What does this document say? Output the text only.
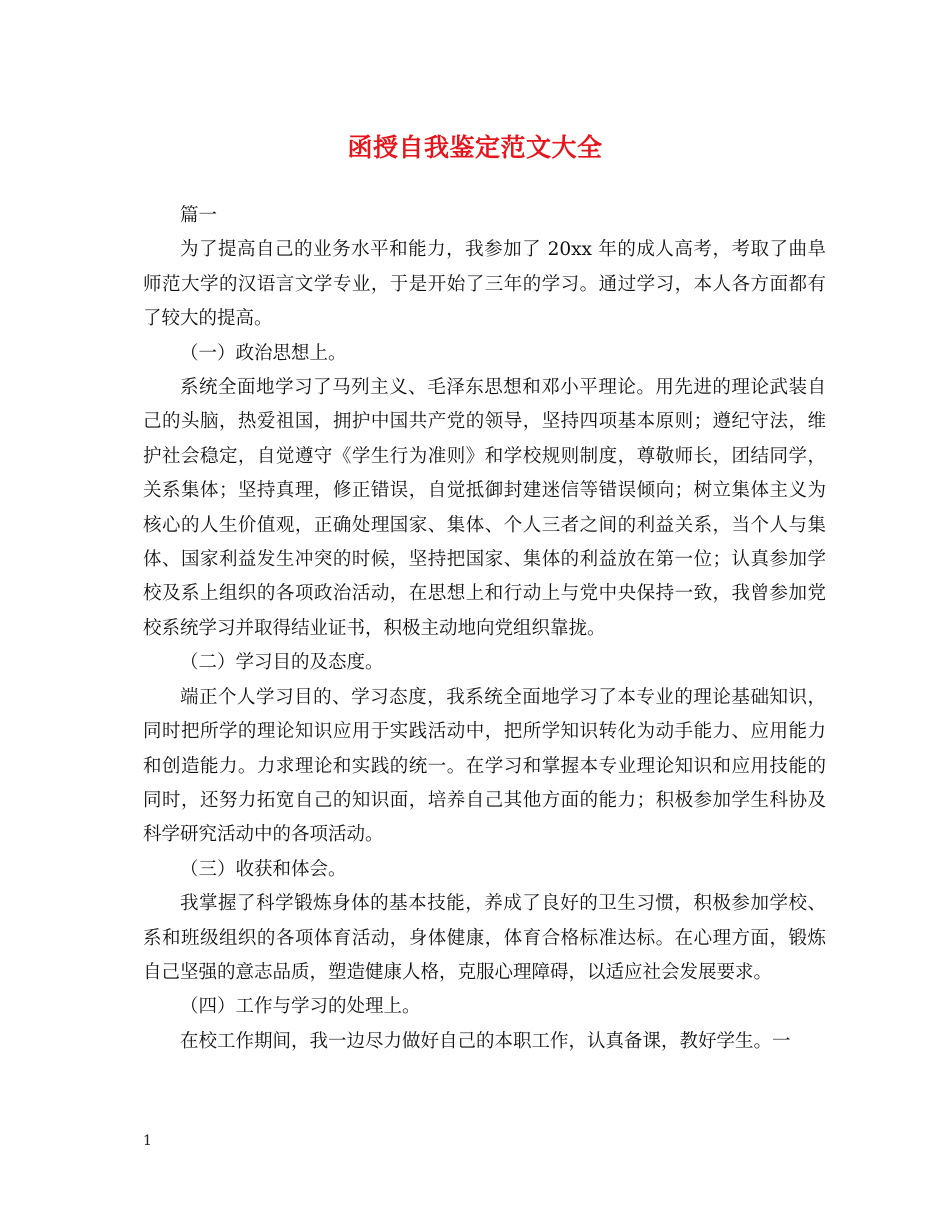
函授自我鉴定范文大全

篇一

为了提高自己的业务水平和能力，我参加了 20xx 年的成人高考，考取了曲阜师范大学的汉语言文学专业，于是开始了三年的学习。通过学习，本人各方面都有了较大的提高。

（一）政治思想上。

系统全面地学习了马列主义、毛泽东思想和邓小平理论。用先进的理论武装自己的头脑，热爱祖国，拥护中国共产党的领导，坚持四项基本原则；遵纪守法，维护社会稳定，自觉遵守《学生行为准则》和学校规则制度，尊敬师长，团结同学，关系集体；坚持真理，修正错误，自觉抵御封建迷信等错误倾向；树立集体主义为核心的人生价值观，正确处理国家、集体、个人三者之间的利益关系，当个人与集体、国家利益发生冲突的时候，坚持把国家、集体的利益放在第一位；认真参加学校及系上组织的各项政治活动，在思想上和行动上与党中央保持一致，我曾参加党校系统学习并取得结业证书，积极主动地向党组织靠拢。

（二）学习目的及态度。

端正个人学习目的、学习态度，我系统全面地学习了本专业的理论基础知识，同时把所学的理论知识应用于实践活动中，把所学知识转化为动手能力、应用能力和创造能力。力求理论和实践的统一。在学习和掌握本专业理论知识和应用技能的同时，还努力拓宽自己的知识面，培养自己其他方面的能力；积极参加学生科协及科学研究活动中的各项活动。

（三）收获和体会。

我掌握了科学锻炼身体的基本技能，养成了良好的卫生习惯，积极参加学校、系和班级组织的各项体育活动，身体健康，体育合格标准达标。在心理方面，锻炼自己坚强的意志品质，塑造健康人格，克服心理障碍，以适应社会发展要求。

（四）工作与学习的处理上。

在校工作期间，我一边尽力做好自己的本职工作，认真备课，教好学生。一

1
